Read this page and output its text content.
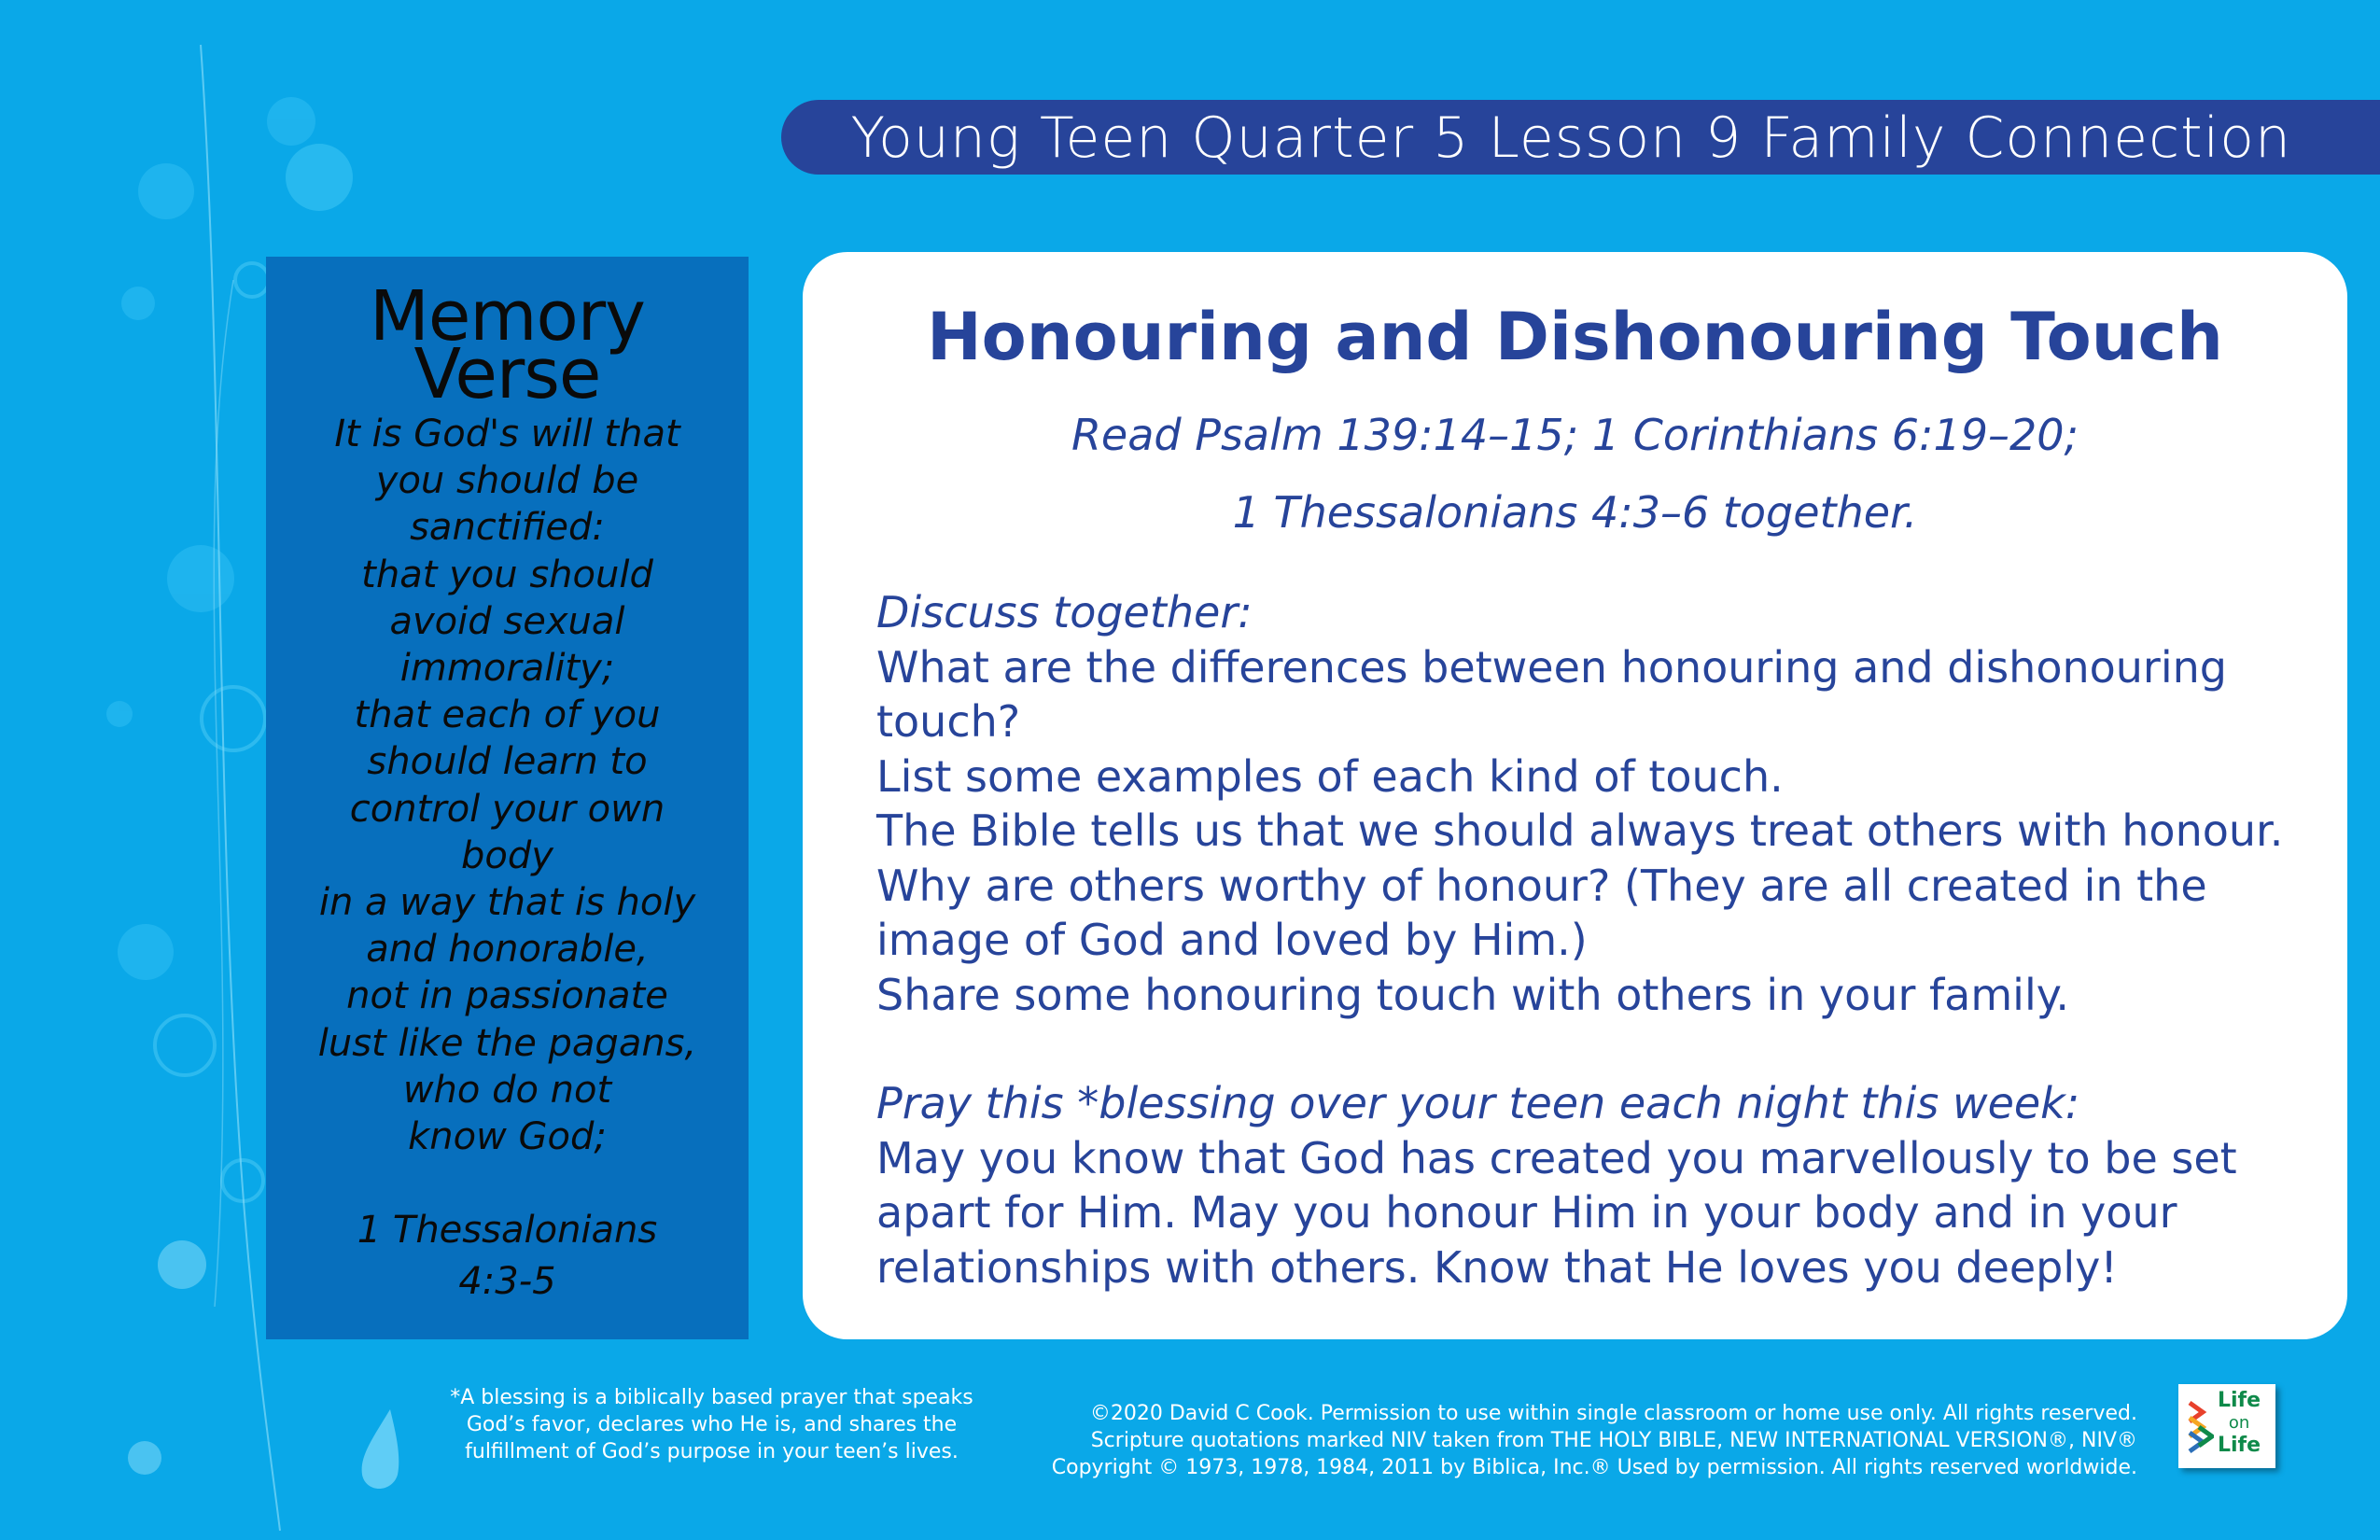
Young Teen Quarter 5 Lesson 9 Family Connection
Memory
Verse
It is God's will that
you should be
sanctified:
that you should
avoid sexual
immorality;
that each of you
should learn to
control your own
body
in a way that is holy
and honorable,
not in passionate
lust like the pagans,
who do not
know God;
1 Thessalonians
4:3-5
Honouring and Dishonouring Touch
Read Psalm 139:14–15; 1 Corinthians 6:19–20;
1 Thessalonians 4:3–6 together.
Discuss together:
What are the differences between honouring and dishonouring
touch?
List some examples of each kind of touch.
The Bible tells us that we should always treat others with honour.
Why are others worthy of honour? (They are all created in the
image of God and loved by Him.)
Share some honouring touch with others in your family.
Pray this *blessing over your teen each night this week:
May you know that God has created you marvellously to be set
apart for Him. May you honour Him in your body and in your
relationships with others. Know that He loves you deeply!
*A blessing is a biblically based prayer that speaks
God’s favor, declares who He is, and shares the
fulfillment of God’s purpose in your teen’s lives.
©2020 David C Cook. Permission to use within single classroom or home use only. All rights reserved.
Scripture quotations marked NIV taken from THE HOLY BIBLE, NEW INTERNATIONAL VERSION®, NIV®
Copyright © 1973, 1978, 1984, 2011 by Biblica, Inc.® Used by permission. All rights reserved worldwide.
Life
on
Life
